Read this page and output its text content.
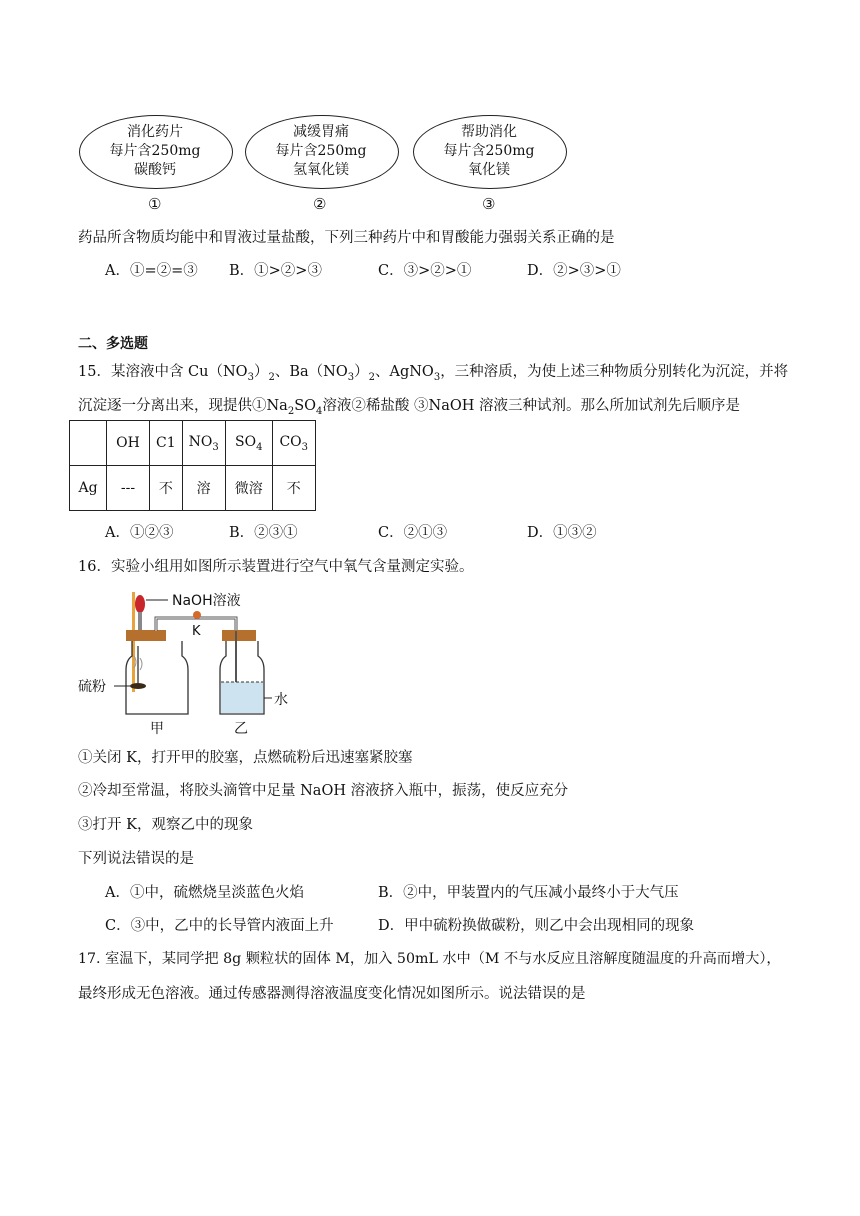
消化药片
每片含250mg
碳酸钙
①
减缓胃痛
每片含250mg
氢氧化镁
②
帮助消化
每片含250mg
氧化镁
③
药品所含物质均能中和胃液过量盐酸，下列三种药片中和胃酸能力强弱关系正确的是
A．①=②=③ B．①>②>③	C．③>②>①	D．②>③>①
二、多选题
15．某溶液中含 $Cu(NO_3)_2$、$Ba(NO_3)_2$、AgNO$_3$，三种溶质，为使上述三种物质分别转化为沉淀，并将
沉淀逐一分离出来，现提供$①Na_2SO_4$溶液②稀盐酸 ③NaOH 溶液三种试剂。那么所加试剂先后顺序是
	OH	C1	$NO_3$	$SO_4$	$CO_3$
Ag	---	不	溶	微溶	不
A．①②③	B．②③①	C．②①③	D．①③②
16．实验小组用如图所示装置进行空气中氧气含量测定实验。
NaOH溶液
K
硫粉
水
甲	乙
①关闭 K，打开甲的胶塞，点燃硫粉后迅速塞紧胶塞
②冷却至常温，将胶头滴管中足量 NaOH 溶液挤入瓶中，振荡，使反应充分
③打开 K，观察乙中的现象
下列说法错误的是
A．①中，硫燃烧呈淡蓝色火焰	B．②中，甲装置内的气压减小最终小于大气压
C．③中，乙中的长导管内液面上升	D．甲中硫粉换做碳粉，则乙中会出现相同的现象
17. 室温下，某同学把 8g 颗粒状的固体 M，加入 50mL 水中（M 不与水反应且溶解度随温度的升高而增大），
最终形成无色溶液。通过传感器测得溶液温度变化情况如图所示。说法错误的是
